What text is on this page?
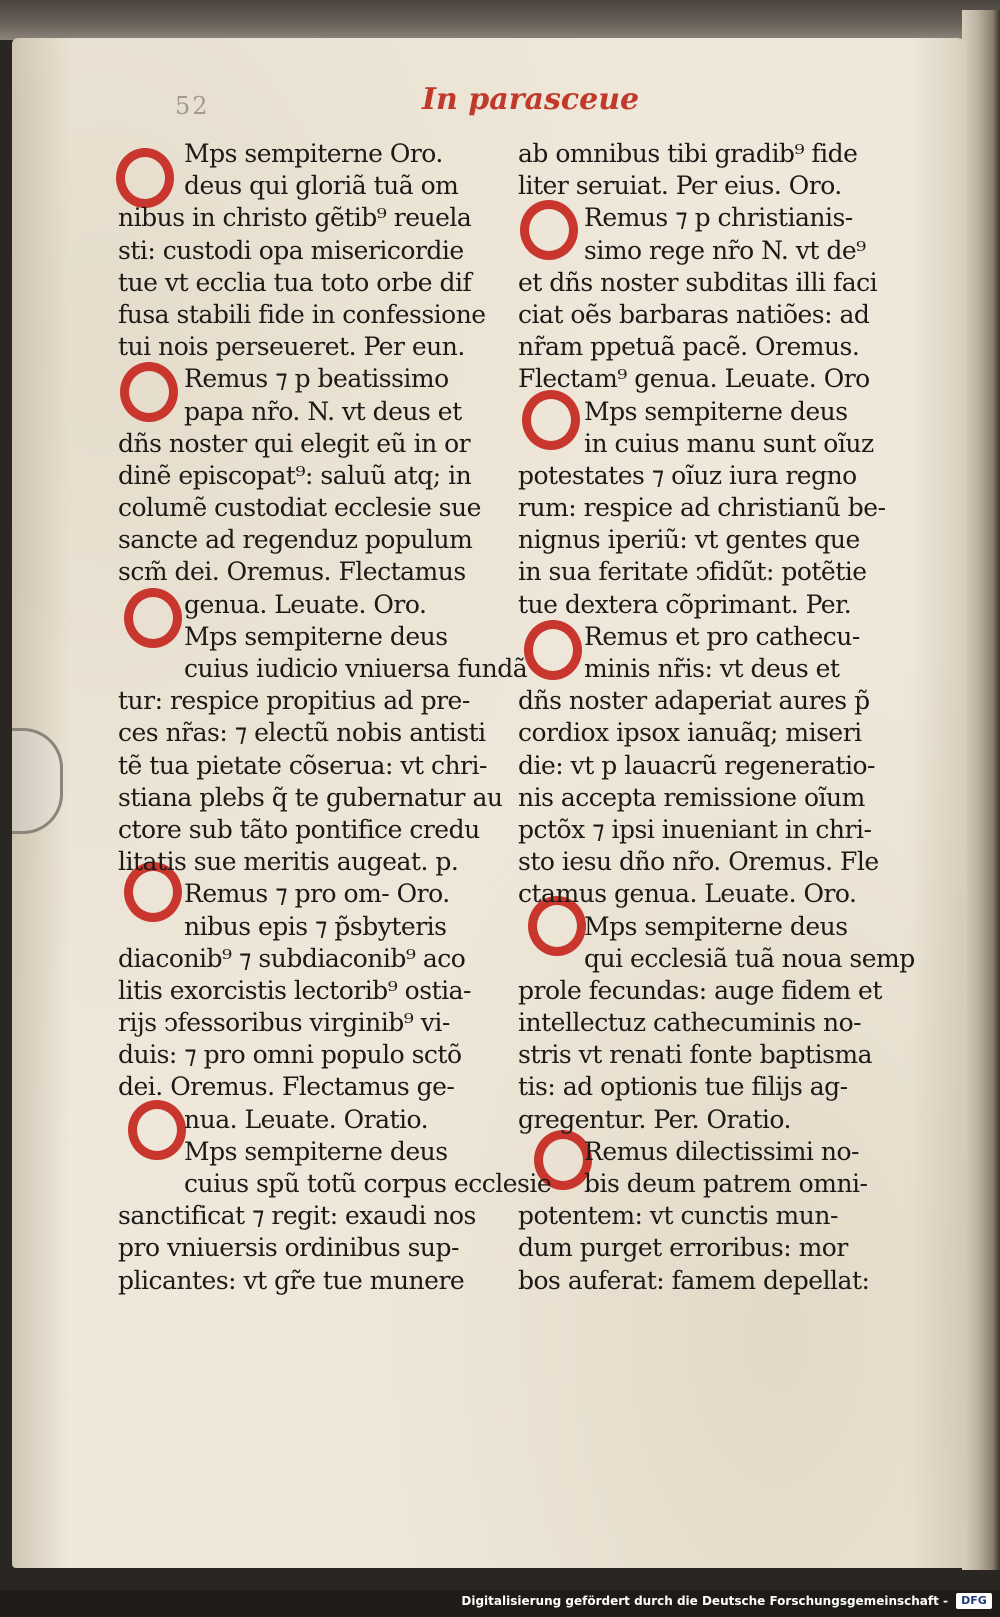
52	In parasceue
Mps sempiterne Oro.
deus qui gloriã tuã om
nibus in christo gẽtib⁹ reuela
sti: custodi opa misericordie
tue vt ecclia tua toto orbe dif
fusa stabili fide in confessione
tui nois perseueret. Per eun.
Remus ⁊ p beatissimo
papa nr̃o. N. vt deus et
dñs noster qui elegit eũ in or
dinẽ episcopat⁹: saluũ atq; in
columẽ custodiat ecclesie sue
sancte ad regenduz populum
scm̃ dei. Oremus. Flectamus
genua. Leuate. Oro.
Mps sempiterne deus
cuius iudicio vniuersa fundã
tur: respice propitius ad pre-
ces nr̃as: ⁊ electũ nobis antisti
tẽ tua pietate cõserua: vt chri-
stiana plebs q̃ te gubernatur au
ctore sub tãto pontifice credu
litatis sue meritis augeat. p.
Remus ⁊ pro om- Oro.
nibus epis ⁊ p̃sbyteris
diaconib⁹ ⁊ subdiaconib⁹ aco
litis exorcistis lectorib⁹ ostia-
rijs ↄfessoribus virginib⁹ vi-
duis: ⁊ pro omni populo sctõ
dei. Oremus. Flectamus ge-
nua. Leuate. Oratio.
Mps sempiterne deus
cuius spũ totũ corpus ecclesie
sanctificat ⁊ regit: exaudi nos
pro vniuersis ordinibus sup-
plicantes: vt gr̃e tue munere
ab omnibus tibi gradib⁹ fide
liter seruiat. Per eius. Oro.
Remus ⁊ p christianis-
simo rege nr̃o N. vt de⁹
et dñs noster subditas illi faci
ciat oẽs barbaras natiões: ad
nr̃am ppetuã pacẽ. Oremus.
Flectam⁹ genua. Leuate. Oro
Mps sempiterne deus
in cuius manu sunt oĩuz
potestates ⁊ oĩuz iura regno
rum: respice ad christianũ be-
nignus iperiũ: vt gentes que
in sua feritate ↄfidũt: potẽtie
tue dextera cõprimant. Per.
Remus et pro cathecu-
minis nr̃is: vt deus et
dñs noster adaperiat aures p̃
cordiox ipsox ianuãq; miseri
die: vt p lauacrũ regeneratio-
nis accepta remissione oĩum
pctõx ⁊ ipsi inueniant in chri-
sto iesu dño nr̃o. Oremus. Fle
ctamus genua. Leuate. Oro.
Mps sempiterne deus
qui ecclesiã tuã noua semp
prole fecundas: auge fidem et
intellectuz cathecuminis no-
stris vt renati fonte baptisma
tis: ad optionis tue filijs ag-
gregentur. Per. Oratio.
Remus dilectissimi no-
bis deum patrem omni-
potentem: vt cunctis mun-
dum purget erroribus: mor
bos auferat: famem depellat:
Digitalisierung gefördert durch die Deutsche Forschungsgemeinschaft -	DFG
